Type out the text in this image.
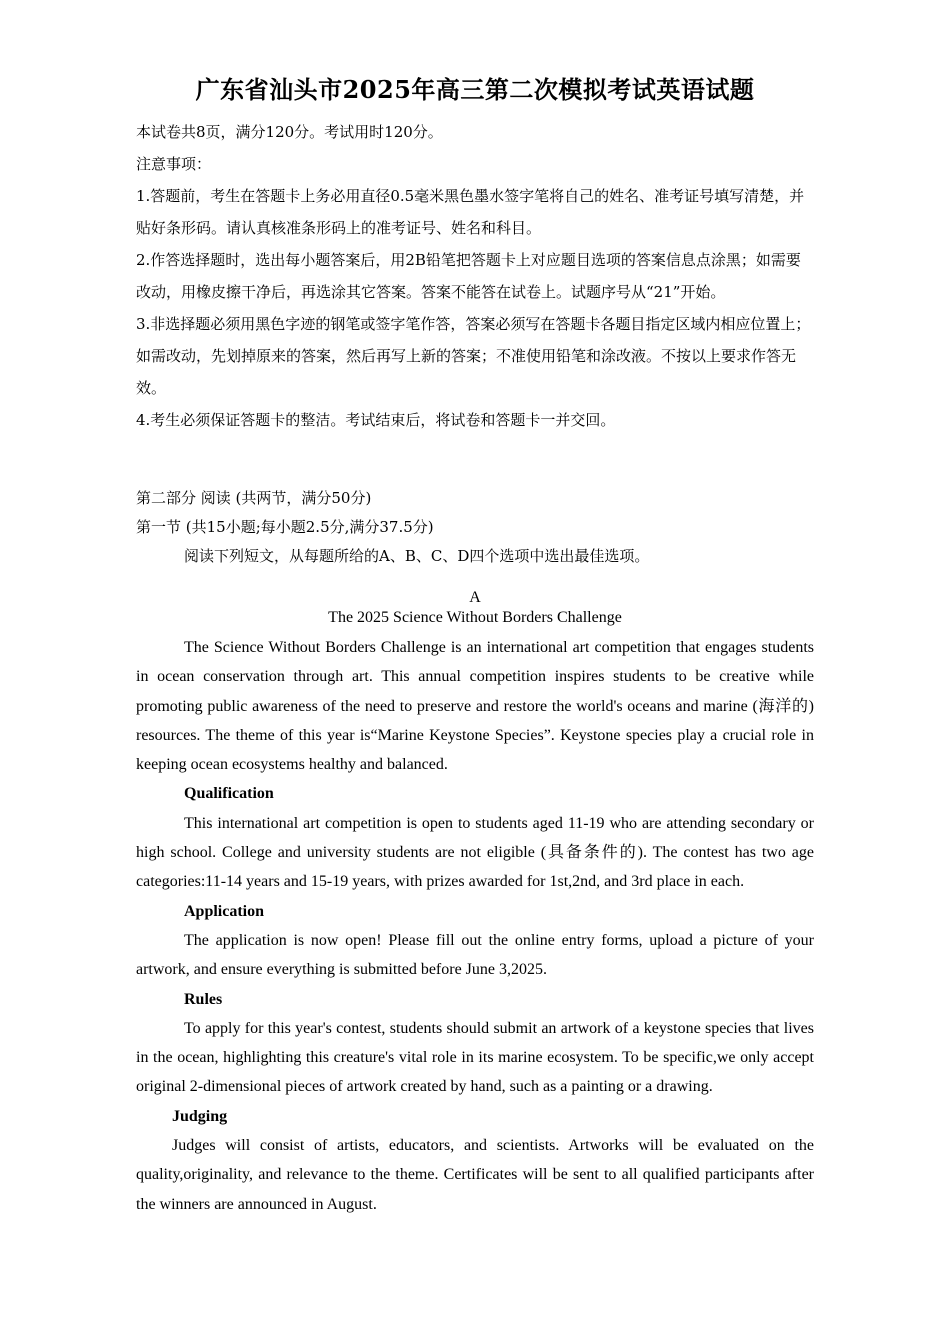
广东省汕头市2025年高三第二次模拟考试英语试题

本试卷共8页，满分120分。考试用时120分。

注意事项：

1.答题前，考生在答题卡上务必用直径0.5毫米黑色墨水签字笔将自己的姓名、准考证号填写清楚，并贴好条形码。请认真核准条形码上的准考证号、姓名和科目。

2.作答选择题时，选出每小题答案后，用2B铅笔把答题卡上对应题目选项的答案信息点涂黑；如需要改动，用橡皮擦干净后，再选涂其它答案。答案不能答在试卷上。试题序号从“21”开始。

3.非选择题必须用黑色字迹的钢笔或签字笔作答，答案必须写在答题卡各题目指定区域内相应位置上；如需改动，先划掉原来的答案，然后再写上新的答案；不准使用铅笔和涂改液。不按以上要求作答无效。

4.考生必须保证答题卡的整洁。考试结束后，将试卷和答题卡一并交回。

第二部分 阅读 (共两节，满分50分)

第一节 (共15小题;每小题2.5分,满分37.5分)

阅读下列短文，从每题所给的A、B、C、D四个选项中选出最佳选项。

A
The 2025 Science Without Borders Challenge

The Science Without Borders Challenge is an international art competition that engages students in ocean conservation through art. This annual competition inspires students to be creative while promoting public awareness of the need to preserve and restore the world's oceans and marine (海洋的) resources. The theme of this year is“Marine Keystone Species”. Keystone species play a crucial role in keeping ocean ecosystems healthy and balanced.

Qualification

This international art competition is open to students aged 11-19 who are attending secondary or high school. College and university students are not eligible (具备条件的). The contest has two age categories:11-14 years and 15-19 years, with prizes awarded for 1st,2nd, and 3rd place in each.

Application

The application is now open! Please fill out the online entry forms, upload a picture of your artwork, and ensure everything is submitted before June 3,2025.

Rules

To apply for this year's contest, students should submit an artwork of a keystone species that lives in the ocean, highlighting this creature's vital role in its marine ecosystem. To be specific,we only accept original 2-dimensional pieces of artwork created by hand, such as a painting or a drawing.

Judging

Judges will consist of artists, educators, and scientists. Artworks will be evaluated on the quality,originality, and relevance to the theme. Certificates will be sent to all qualified participants after the winners are announced in August.
